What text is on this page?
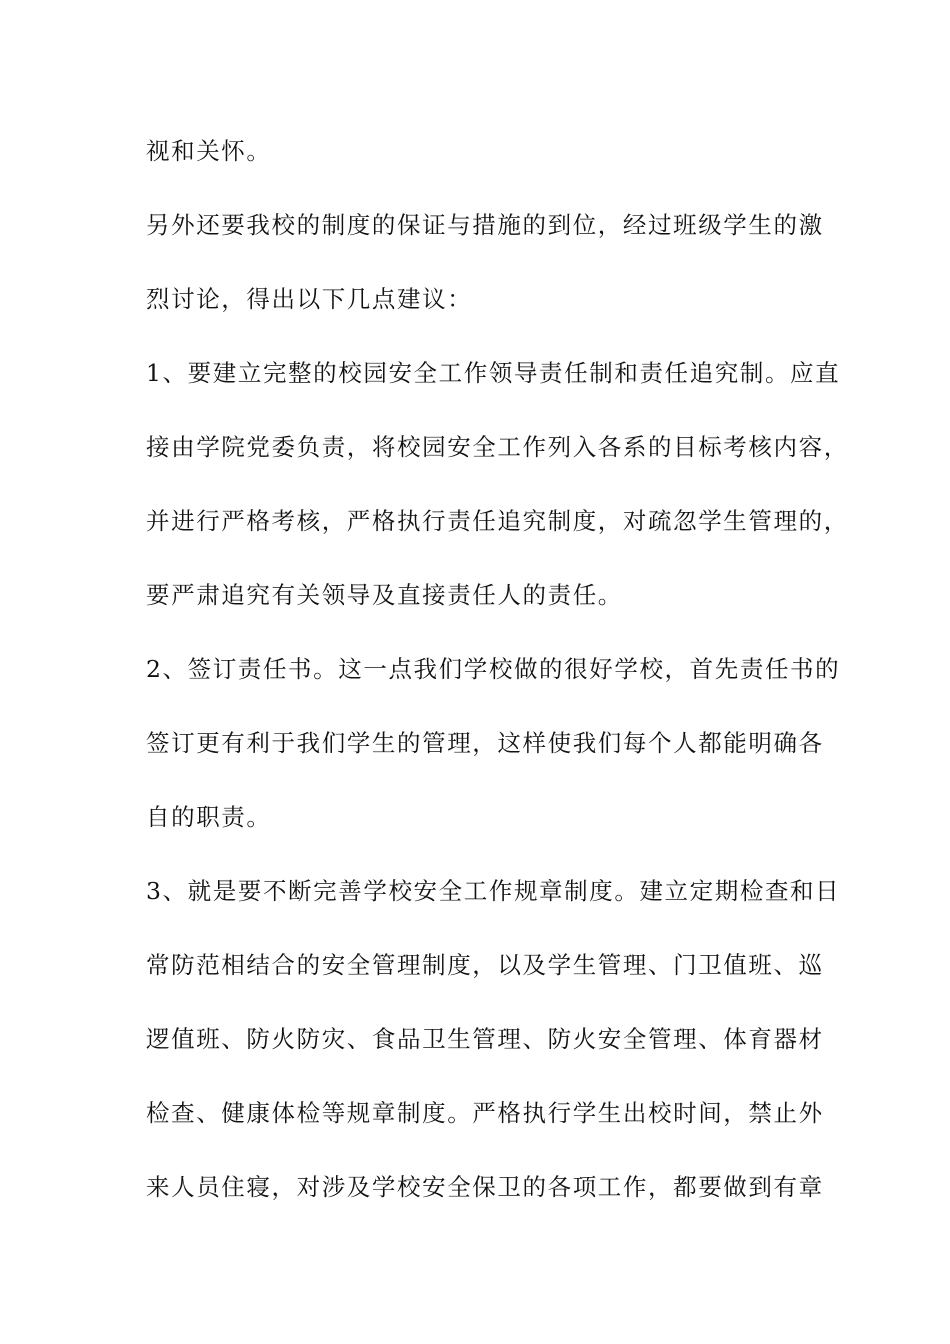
视和关怀。
另外还要我校的制度的保证与措施的到位，经过班级学生的激
烈讨论，得出以下几点建议：
1、要建立完整的校园安全工作领导责任制和责任追究制。应直
接由学院党委负责，将校园安全工作列入各系的目标考核内容，
并进行严格考核，严格执行责任追究制度，对疏忽学生管理的，
要严肃追究有关领导及直接责任人的责任。
2、签订责任书。这一点我们学校做的很好学校，首先责任书的
签订更有利于我们学生的管理，这样使我们每个人都能明确各
自的职责。
3、就是要不断完善学校安全工作规章制度。建立定期检查和日
常防范相结合的安全管理制度，以及学生管理、门卫值班、巡
逻值班、防火防灾、食品卫生管理、防火安全管理、体育器材
检查、健康体检等规章制度。严格执行学生出校时间，禁止外
来人员住寝，对涉及学校安全保卫的各项工作，都要做到有章
